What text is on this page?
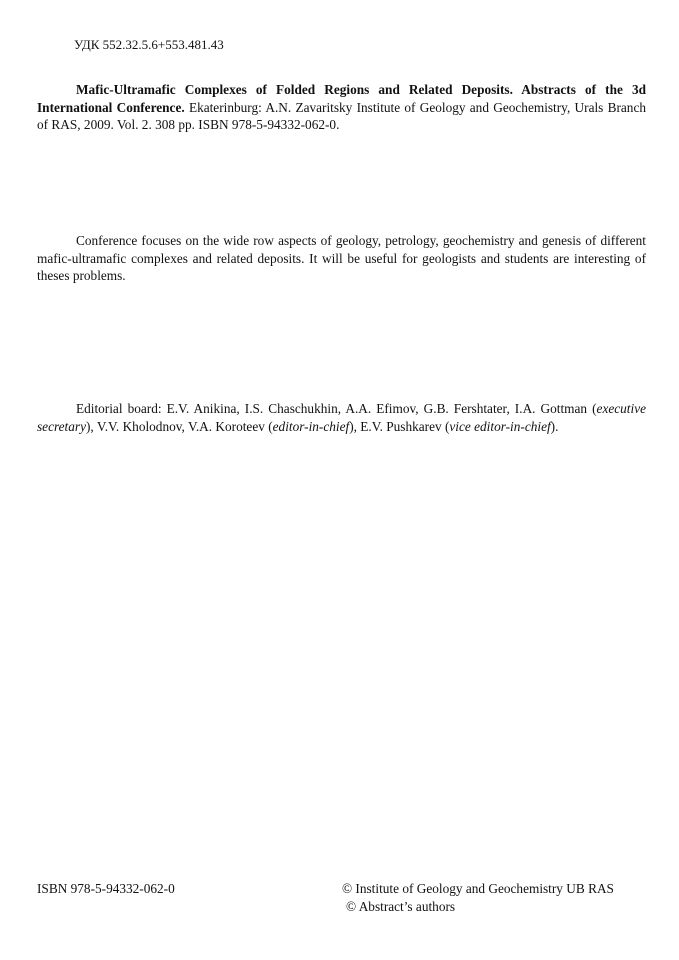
УДК 552.32.5.6+553.481.43
Mafic-Ultramafic Complexes of Folded Regions and Related Deposits. Abstracts of the 3d International Conference. Ekaterinburg: A.N. Zavaritsky Institute of Geology and Geochemistry, Urals Branch of RAS, 2009. Vol. 2. 308 pp. ISBN 978-5-94332-062-0.
Conference focuses on the wide row aspects of geology, petrology, geochemistry and genesis of different mafic-ultramafic complexes and related deposits. It will be useful for geologists and students are interesting of theses problems.
Editorial board: E.V. Anikina, I.S. Chaschukhin, A.A. Efimov, G.B. Fershtater, I.A. Gottman (executive secretary), V.V. Kholodnov, V.A. Koroteev (editor-in-chief), E.V. Pushkarev (vice editor-in-chief).
ISBN 978-5-94332-062-0	© Institute of Geology and Geochemistry UB RAS
© Abstract’s authors
